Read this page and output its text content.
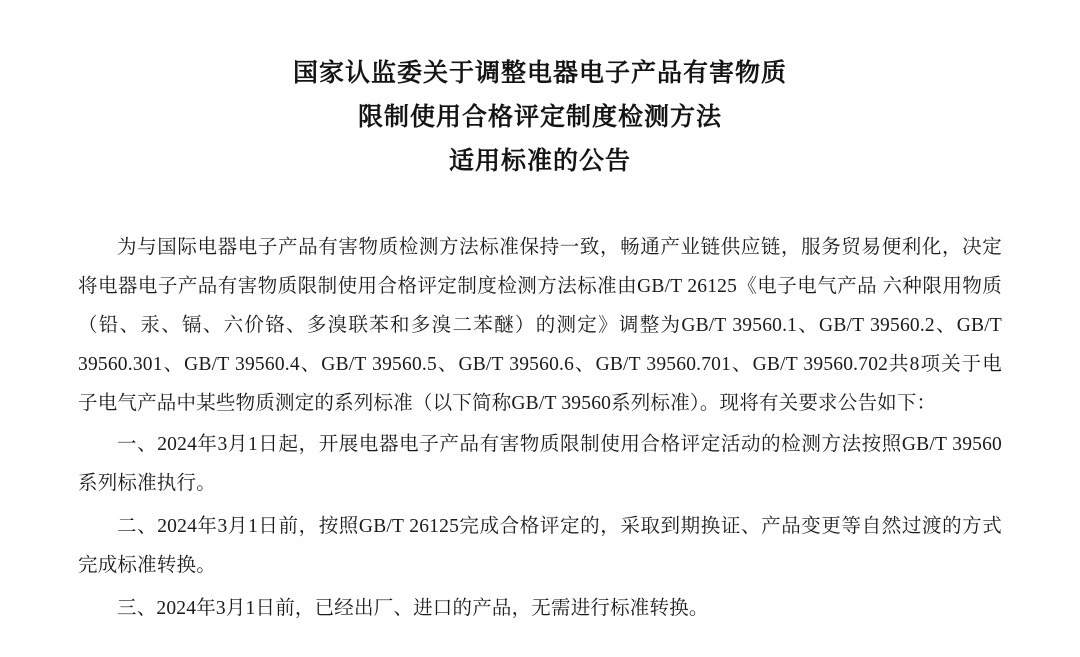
国家认监委关于调整电器电子产品有害物质
限制使用合格评定制度检测方法
适用标准的公告

为与国际电器电子产品有害物质检测方法标准保持一致，畅通产业链供应链，服务贸易便利化，决定将电器电子产品有害物质限制使用合格评定制度检测方法标准由GB/T 26125《电子电气产品 六种限用物质（铅、汞、镉、六价铬、多溴联苯和多溴二苯醚）的测定》调整为GB/T 39560.1、GB/T 39560.2、GB/T 39560.301、GB/T 39560.4、GB/T 39560.5、GB/T 39560.6、GB/T 39560.701、GB/T 39560.702共8项关于电子电气产品中某些物质测定的系列标准（以下简称GB/T 39560系列标准）。现将有关要求公告如下：

一、2024年3月1日起，开展电器电子产品有害物质限制使用合格评定活动的检测方法按照GB/T 39560系列标准执行。

二、2024年3月1日前，按照GB/T 26125完成合格评定的，采取到期换证、产品变更等自然过渡的方式完成标准转换。

三、2024年3月1日前，已经出厂、进口的产品，无需进行标准转换。
